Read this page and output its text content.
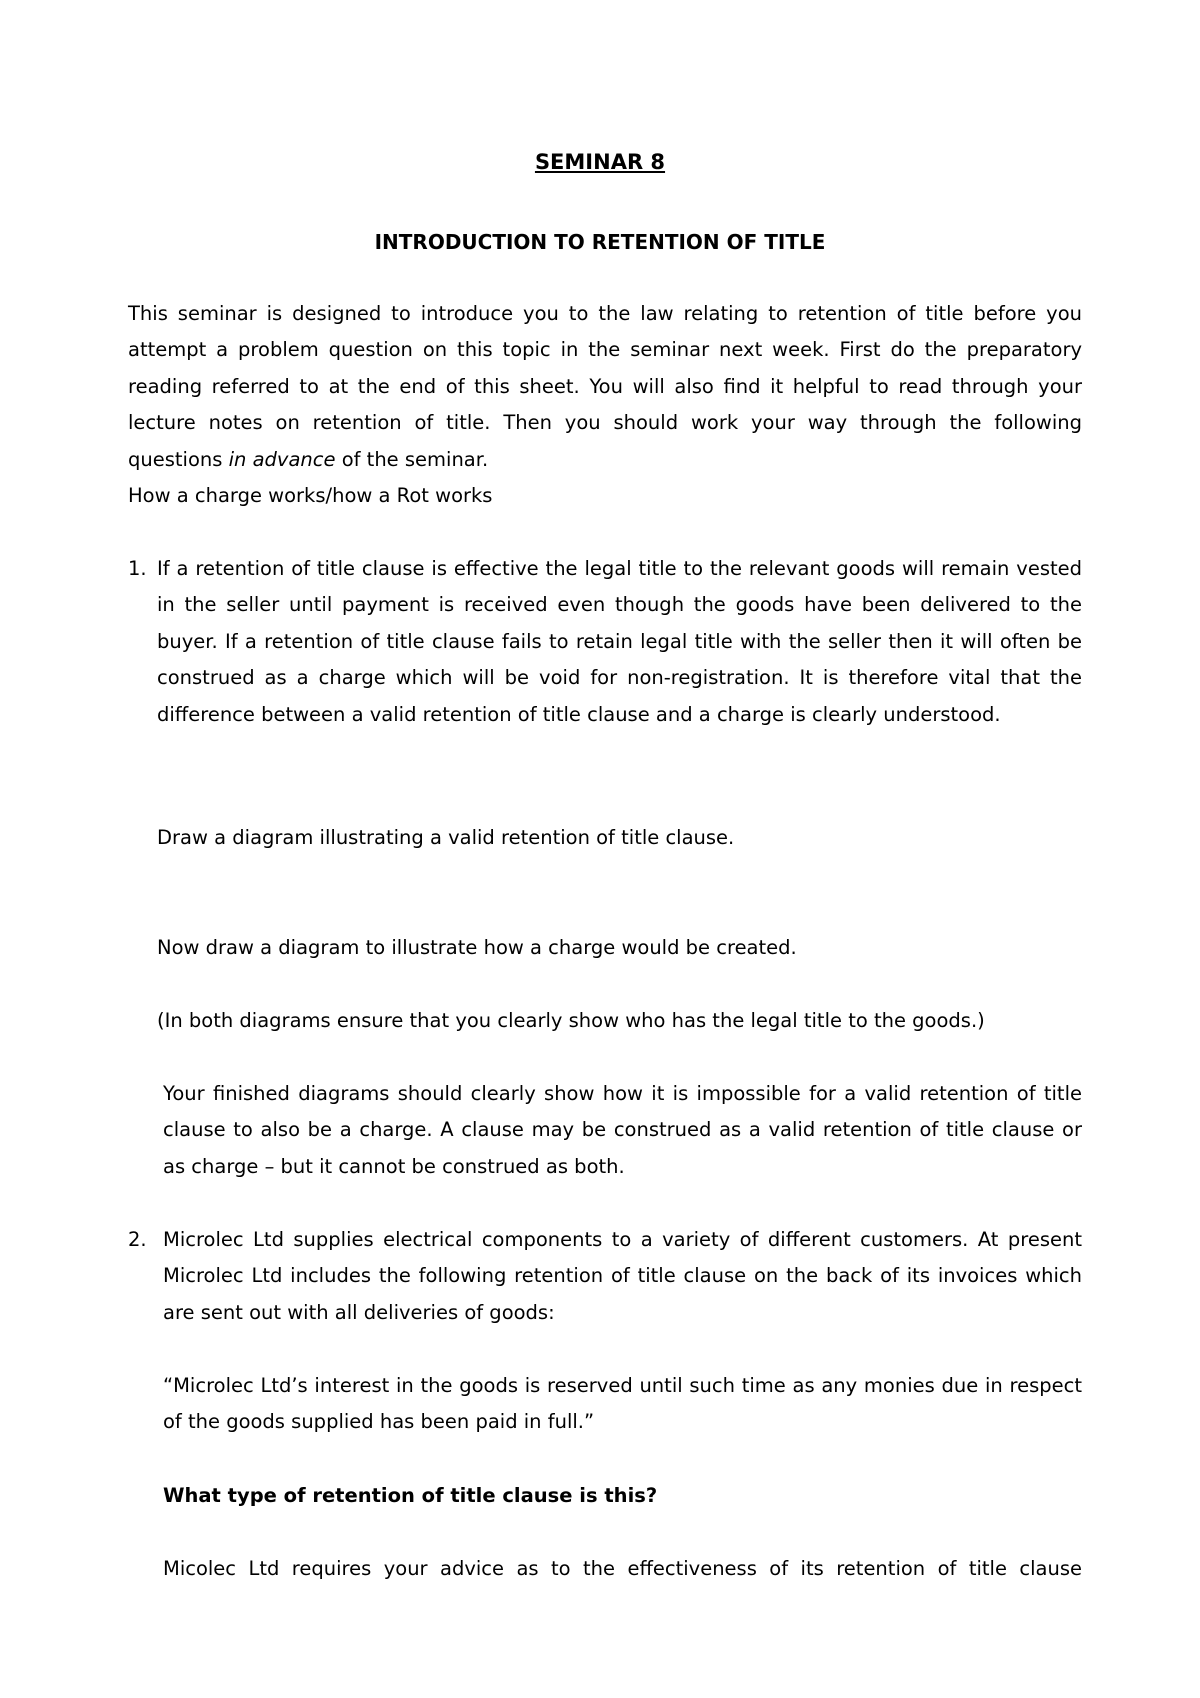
SEMINAR 8
INTRODUCTION TO RETENTION OF TITLE

This seminar is designed to introduce you to the law relating to retention of title before you attempt a problem question on this topic in the seminar next week. First do the preparatory reading referred to at the end of this sheet. You will also find it helpful to read through your lecture notes on retention of title. Then you should work your way through the following questions in advance of the seminar.

How a charge works/how a Rot works

1. If a retention of title clause is effective the legal title to the relevant goods will remain vested in the seller until payment is received even though the goods have been delivered to the buyer. If a retention of title clause fails to retain legal title with the seller then it will often be construed as a charge which will be void for non-registration. It is therefore vital that the difference between a valid retention of title clause and a charge is clearly understood.

Draw a diagram illustrating a valid retention of title clause.

Now draw a diagram to illustrate how a charge would be created.

(In both diagrams ensure that you clearly show who has the legal title to the goods.)

Your finished diagrams should clearly show how it is impossible for a valid retention of title clause to also be a charge. A clause may be construed as a valid retention of title clause or as charge – but it cannot be construed as both.

2. Microlec Ltd supplies electrical components to a variety of different customers. At present Microlec Ltd includes the following retention of title clause on the back of its invoices which are sent out with all deliveries of goods:

“Microlec Ltd’s interest in the goods is reserved until such time as any monies due in respect of the goods supplied has been paid in full.”

What type of retention of title clause is this?

Micolec Ltd requires your advice as to the effectiveness of its retention of title clause
